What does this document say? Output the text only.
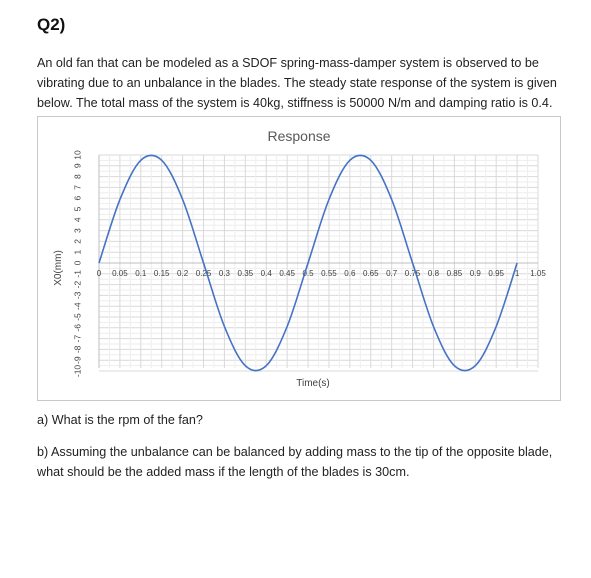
Q2)
An old fan that can be modeled as a SDOF spring-mass-damper system is observed to be
vibrating due to an unbalance in the blades. The steady state response of the system is given
below. The total mass of the system is 40kg, stiffness is 50000 N/m and damping ratio is 0.4.
Response
10
9
8
7
6
5
4
3
2
1
0
-1
-2
-3
-4
-5
-6
-7
-8
-9
-10
0 0.05 0.1 0.15 0.2 0.25 0.3 0.35 0.4 0.45 0.5 0.55 0.6 0.65 0.7 0.75 0.8 0.85 0.9 0.95 1 1.05
Time(s)
X0(mm)
a) What is the rpm of the fan?
b) Assuming the unbalance can be balanced by adding mass to the tip of the opposite blade,
what should be the added mass if the length of the blades is 30cm.
